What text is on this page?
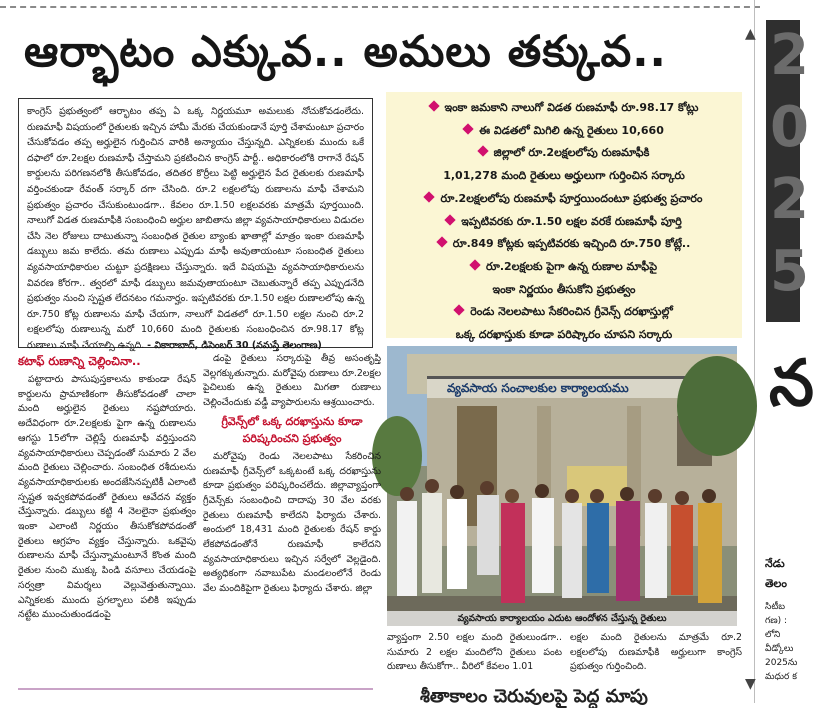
▲
▼
ఆర్భాటం ఎక్కువ.. అమలు తక్కువ..
కాంగ్రెస్ ప్రభుత్వంలో ఆర్భాటం తప్ప ఏ ఒక్క నిర్ణయమూ అమలుకు నోచుకోవడంలేదు. రుణమాఫీ విషయంలో రైతులకు ఇచ్చిన హామీ మేరకు చేయకుండానే పూర్తి చేశామంటూ ప్రచారం చేసుకోవడం తప్ప అర్హులైన గుర్తించిన వారికి అన్యాయం చేస్తున్నది. ఎన్నికలకు ముందు ఒకే దఫాలో రూ.2లక్షల రుణమాఫీ చేస్తామని ప్రకటించిన కాంగ్రెస్ పార్టీ.. అధికారంలోకి రాగానే రేషన్ కార్డులను పరిగణనలోకి తీసుకోవడం, తదితర కొర్రీలు పెట్టి అర్హులైన పేద రైతులకు రుణమాఫీ వర్తించకుండా రేవంత్ సర్కార్ దగా చేసింది. రూ.2 లక్షలలోపు రుణాలను మాఫీ చేశామని ప్రభుత్వం ప్రచారం చేసుకుంటుండగా.. కేవలం రూ.1.50 లక్షలవరకు మాత్రమే పూర్తయింది. నాలుగో విడత రుణమాఫీకి సంబంధించి అర్హుల జాబితాను జిల్లా వ్యవసాయాధికారులు విడుదల చేసి నెల రోజులు దాటుతున్నా సంబంధిత రైతుల బ్యాంకు ఖాతాల్లో మాత్రం ఇంకా రుణమాఫీ డబ్బులు జమ కాలేదు. తమ రుణాలు ఎప్పుడు మాఫీ అవుతాయంటూ సంబంధిత రైతులు వ్యవసాయాధికారుల చుట్టూ ప్రదక్షిణలు చేస్తున్నారు. ఇదే విషయమై వ్యవసాయాధికారులను వివరణ కోరగా.. త్వరలో మాఫీ డబ్బులు జమవుతాయంటూ చెబుతున్నారే తప్ప ఎప్పుడనేది ప్రభుత్వం నుంచి స్పష్టత లేదనటం గమనార్హం. ఇప్పటివరకు రూ.1.50 లక్షల రుణాలలోపు ఉన్న రూ.750 కోట్ల రుణాలను మాఫీ చేయగా, నాలుగో విడతలో రూ.1.50 లక్షల నుంచి రూ.2 లక్షలలోపు రుణాలున్న మరో 10,660 మంది రైతులకు సంబంధించిన రూ.98.17 కోట్ల రుణాలు మాఫీ చేయాల్సి ఉన్నది. - వికారాబాద్, డిసెంబర్ 30 (నమస్తే తెలంగాణ)
ఇంకా జమకాని నాలుగో విడత రుణమాఫీ రూ.98.17 కోట్లు
ఈ విడతలో మిగిలి ఉన్న రైతులు 10,660
జిల్లాలో రూ.2లక్షలలోపు రుణమాఫీకి
1,01,278 మంది రైతులు అర్హులుగా గుర్తించిన సర్కారు
రూ.2లక్షలలోపు రుణమాఫీ పూర్తయిందంటూ ప్రభుత్వ ప్రచారం
ఇప్పటివరకు రూ.1.50 లక్షల వరకే రుణమాఫీ పూర్తి
రూ.849 కోట్లకు ఇప్పటివరకు ఇచ్చింది రూ.750 కోట్లే..
రూ.2లక్షలకు పైగా ఉన్న రుణాల మాఫీపై
ఇంకా నిర్ణయం తీసుకోని ప్రభుత్వం
రెండు నెలలపాటు సేకరించిన గ్రీవెన్స్ దరఖాస్తుల్లో
ఒక్క దరఖాస్తుకు కూడా పరిష్కారం చూపని సర్కారు
వ్యవసాయ సంచాలకుల కార్యాలయము
వ్యవసాయ కార్యాలయం ఎదుట ఆందోళన చేస్తున్న రైతులు
కటాఫ్ రుణాన్ని చెల్లించినా..

పట్టాదారు పాసుపుస్తకాలను కాకుండా రేషన్ కార్డులను ప్రామాణికంగా తీసుకోవడంతో చాలా మంది అర్హులైన రైతులు నష్టపోయారు. అదేవిధంగా రూ.2లక్షలకు పైగా ఉన్న రుణాలను ఆగస్టు 15లోగా చెల్లిస్తే రుణమాఫీ వర్తిస్తుందని వ్యవసాయాధికారులు చెప్పడంతో సుమారు 2 వేల మంది రైతులు చెల్లించారు. సంబంధిత రశీదులను వ్యవసాయాధికారులకు అందజేసినప్పటికీ ఎలాంటి స్పష్టత ఇవ్వకపోవడంతో రైతులు ఆవేదన వ్యక్తం చేస్తున్నారు. డబ్బులు కట్టి 4 నెలలైనా ప్రభుత్వం ఇంకా ఎలాంటి నిర్ణయం తీసుకోకపోవడంతో రైతులు ఆగ్రహం వ్యక్తం చేస్తున్నారు. ఒకవైపు రుణాలను మాఫీ చేస్తున్నామంటూనే కొంత మంది రైతుల నుంచి ముక్కు పిండి వసూలు చేయడంపై సర్వత్రా విమర్శలు వెల్లువెత్తుతున్నాయి. ఎన్నికలకు ముందు ప్రగల్భాలు పలికి ఇప్పుడు నట్టేట ముంచుతుండడంపై

డంపై రైతులు సర్కారుపై తీవ్ర అసంతృప్తి వెల్లగక్కుతున్నారు. మరోవైపు రుణాలు రూ.2లక్షల పైచిలుకు ఉన్న రైతులు మిగతా రుణాలు చెల్లించేందుకు వడ్డీ వ్యాపారులను ఆశ్రయించారు.

గ్రీవెన్స్‌లో ఒక్క దరఖాస్తును కూడా పరిష్కరించని ప్రభుత్వం

మరోవైపు రెండు నెలలపాటు సేకరించిన రుణమాఫీ గ్రీవెన్స్‌లో ఒక్కటంటే ఒక్క దరఖాస్తును కూడా ప్రభుత్వం పరిష్కరించలేదు. జిల్లావ్యాప్తంగా గ్రీవెన్స్‌కు సంబంధించి దాదాపు 30 వేల వరకు రైతులు రుణమాఫీ కాలేదని ఫిర్యాదు చేశారు. అందులో 18,431 మంది రైతులకు రేషన్ కార్డు లేకపోవడంతోనే రుణమాఫీ కాలేదని వ్యవసాయాధికారులు ఇచ్చిన సర్వేలో వెల్లడైంది. అత్యధికంగా నవాబుపేట మండలంలోనే రెండు వేల మందికిపైగా రైతులు ఫిర్యాదు చేశారు. జిల్లా

వ్యాప్తంగా 2.50 లక్షల మంది రైతులుండగా.. సుమారు 2 లక్షల మందిలోని రైతులు పంట రుణాలు తీసుకోగా.. వీరిలో కేవలం 1.01

లక్షల మంది రైతులను మాత్రమే రూ.2 లక్షలలోపు రుణమాఫీకి అర్హులుగా కాంగ్రెస్ ప్రభుత్వం గుర్తించింది.

శీతాకాలం చెరువులపై పెద్ద మాపు
2
0
2
5
న
నేడు
తెలం
సిటీబ
గణ) :
లోని
వీడ్కోలు
2025ను
మధుర క
